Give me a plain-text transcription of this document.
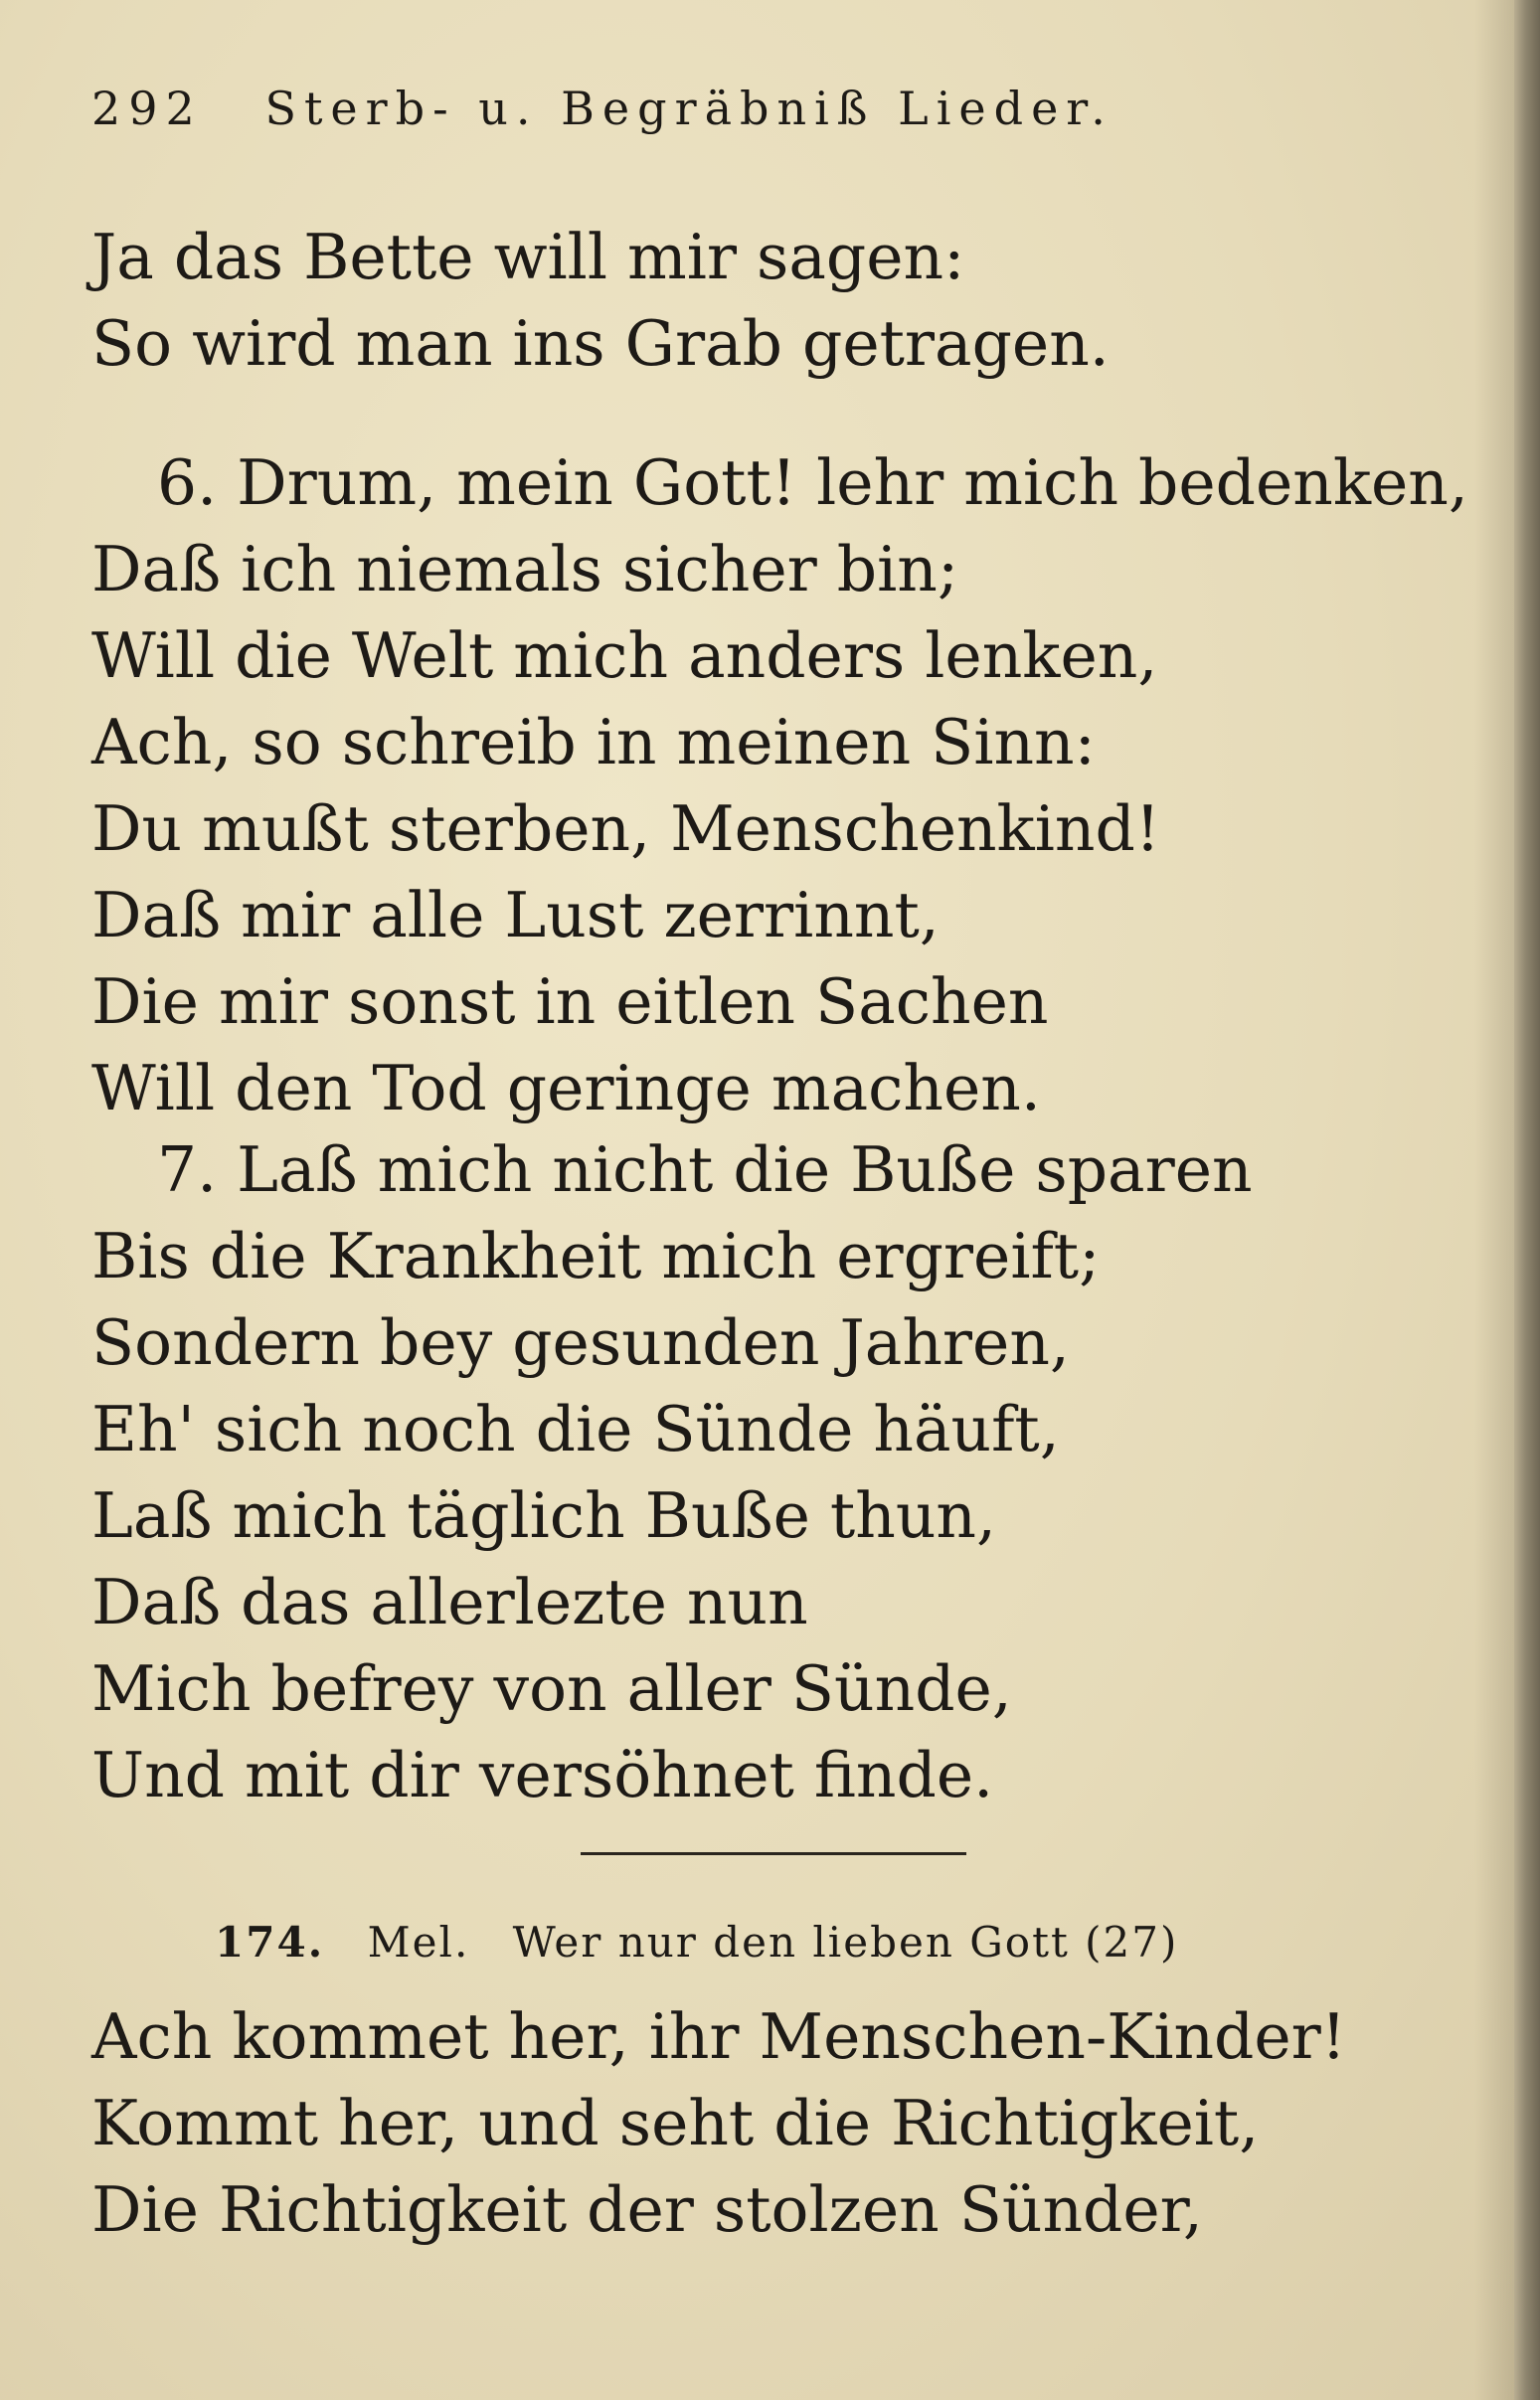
292 Sterb- u. Begräbniß Lieder.
Ja das Bette will mir sagen:
So wird man ins Grab getragen.
6. Drum, mein Gott! lehr mich bedenken,
Daß ich niemals sicher bin;
Will die Welt mich anders lenken,
Ach, so schreib in meinen Sinn:
Du mußt sterben, Menschenkind!
Daß mir alle Lust zerrinnt,
Die mir sonst in eitlen Sachen
Will den Tod geringe machen.
7. Laß mich nicht die Buße sparen
Bis die Krankheit mich ergreift;
Sondern bey gesunden Jahren,
Eh' sich noch die Sünde häuft,
Laß mich täglich Buße thun,
Daß das allerlezte nun
Mich befrey von aller Sünde,
Und mit dir versöhnet finde.
174. Mel. Wer nur den lieben Gott (27)
Ach kommet her, ihr Menschen-Kinder!
Kommt her, und seht die Richtigkeit,
Die Richtigkeit der stolzen Sünder,
